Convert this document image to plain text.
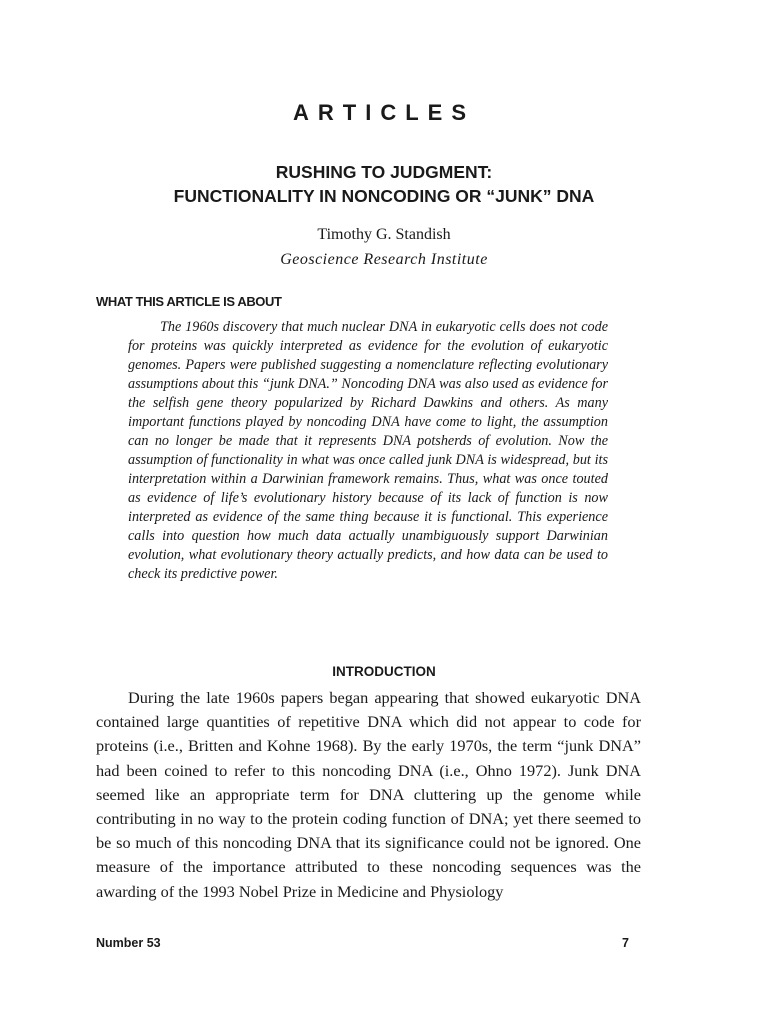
ARTICLES
RUSHING TO JUDGMENT:
FUNCTIONALITY IN NONCODING OR “JUNK” DNA
Timothy G. Standish
Geoscience Research Institute
WHAT THIS ARTICLE IS ABOUT

The 1960s discovery that much nuclear DNA in eukaryotic cells does not code for proteins was quickly interpreted as evidence for the evolution of eukaryotic genomes. Papers were published suggesting a nomenclature reflecting evolutionary assumptions about this “junk DNA.” Noncoding DNA was also used as evidence for the selfish gene theory popularized by Richard Dawkins and others. As many important functions played by noncoding DNA have come to light, the assumption can no longer be made that it represents DNA potsherds of evolution. Now the assumption of functionality in what was once called junk DNA is widespread, but its interpretation within a Darwinian framework remains. Thus, what was once touted as evidence of life’s evolutionary history because of its lack of function is now interpreted as evidence of the same thing because it is functional. This experience calls into question how much data actually unambiguously support Darwinian evolution, what evolutionary theory actually predicts, and how data can be used to check its predictive power.

INTRODUCTION

During the late 1960s papers began appearing that showed eukaryotic DNA contained large quantities of repetitive DNA which did not appear to code for proteins (i.e., Britten and Kohne 1968). By the early 1970s, the term “junk DNA” had been coined to refer to this noncoding DNA (i.e., Ohno 1972). Junk DNA seemed like an appropriate term for DNA cluttering up the genome while contributing in no way to the protein coding function of DNA; yet there seemed to be so much of this noncoding DNA that its significance could not be ignored. One measure of the importance attributed to these noncoding sequences was the awarding of the 1993 Nobel Prize in Medicine and Physiology

Number 53	7
